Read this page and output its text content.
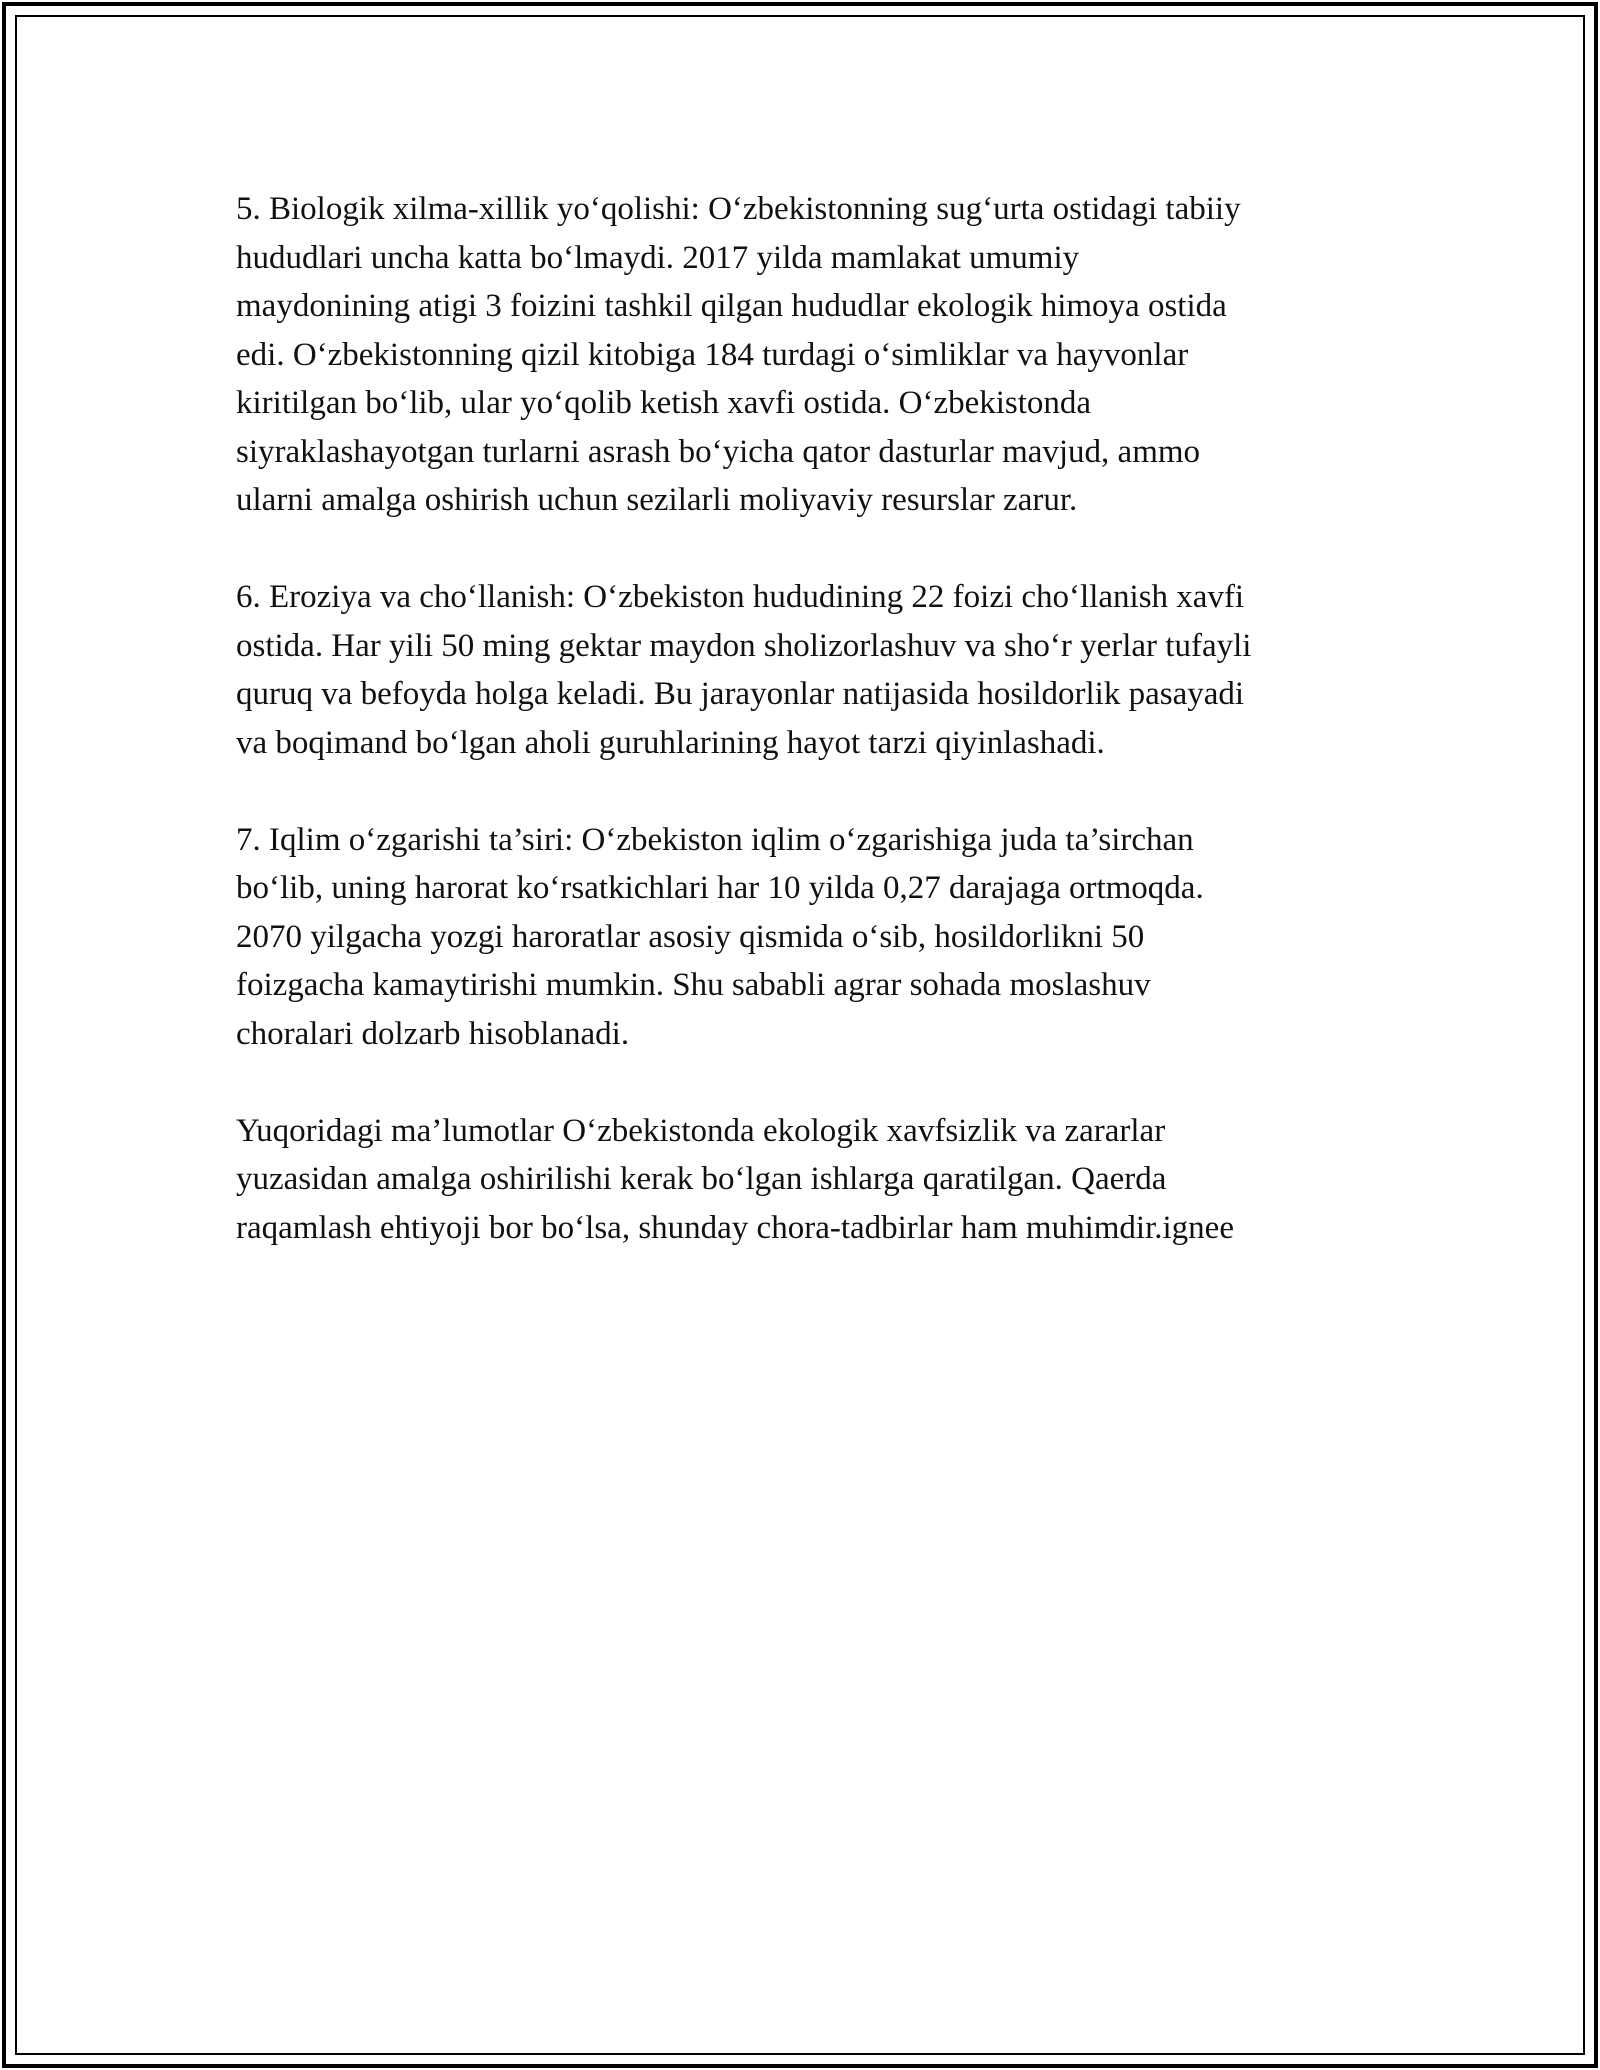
5. Biologik xilma-xillik yo‘qolishi: O‘zbekistonning sug‘urta ostidagi tabiiy
hududlari uncha katta bo‘lmaydi. 2017 yilda mamlakat umumiy
maydonining atigi 3 foizini tashkil qilgan hududlar ekologik himoya ostida
edi. O‘zbekistonning qizil kitobiga 184 turdagi o‘simliklar va hayvonlar
kiritilgan bo‘lib, ular yo‘qolib ketish xavfi ostida. O‘zbekistonda
siyraklashayotgan turlarni asrash bo‘yicha qator dasturlar mavjud, ammo
ularni amalga oshirish uchun sezilarli moliyaviy resurslar zarur.

6. Eroziya va cho‘llanish: O‘zbekiston hududining 22 foizi cho‘llanish xavfi
ostida. Har yili 50 ming gektar maydon sholizorlashuv va sho‘r yerlar tufayli
quruq va befoyda holga keladi. Bu jarayonlar natijasida hosildorlik pasayadi
va boqimand bo‘lgan aholi guruhlarining hayot tarzi qiyinlashadi.

7. Iqlim o‘zgarishi ta’siri: O‘zbekiston iqlim o‘zgarishiga juda ta’sirchan
bo‘lib, uning harorat ko‘rsatkichlari har 10 yilda 0,27 darajaga ortmoqda.
2070 yilgacha yozgi haroratlar asosiy qismida o‘sib, hosildorlikni 50
foizgacha kamaytirishi mumkin. Shu sababli agrar sohada moslashuv
choralari dolzarb hisoblanadi.

Yuqoridagi ma’lumotlar O‘zbekistonda ekologik xavfsizlik va zararlar
yuzasidan amalga oshirilishi kerak bo‘lgan ishlarga qaratilgan. Qaerda
raqamlash ehtiyoji bor bo‘lsa, shunday chora-tadbirlar ham muhimdir.ignee
